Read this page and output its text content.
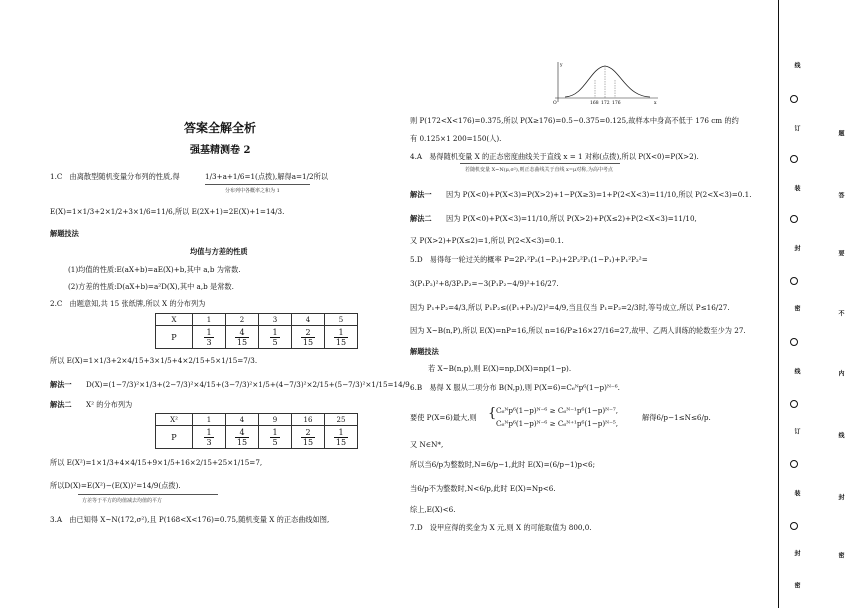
答案全解全析
强基精测卷 2
1.C　由离散型随机变量分布列的性质,得	1/3+a+1/6=1(点拨),解得a=1/2所以
分布列中各概率之和为 1
E(X)=1×1/3+2×1/2+3×1/6=11/6,所以 E(2X+1)=2E(X)+1=14/3.
解题技法
均值与方差的性质
(1)均值的性质:E(aX+b)=aE(X)+b,其中 a,b 为常数.
(2)方差的性质:D(aX+b)=a²D(X),其中 a,b 是常数.
2.C　由题意知,共 15 张纸牌,所以 X 的分布列为
X	1	2	3	4	5
P	$\frac{1}{3}$	$\frac{4}{15}$	$\frac{1}{5}$	$\frac{2}{15}$	$\frac{1}{15}$
所以 E(X)=1×1/3+2×4/15+3×1/5+4×2/15+5×1/15=7/3.
解法一 D(X)=(1−7/3)²×1/3+(2−7/3)²×4/15+(3−7/3)²×1/5+(4−7/3)²×2/15+(5−7/3)²×1/15=14/9.
解法二 X² 的分布列为
X²	1	4	9	16	25
P	$\frac{1}{3}$	$\frac{4}{15}$	$\frac{1}{5}$	$\frac{2}{15}$	$\frac{1}{15}$
所以 E(X²)=1×1/3+4×4/15+9×1/5+16×2/15+25×1/15=7,
所以D(X)=E(X²)−(E(X))²=14/9(点拨).
方差等于平方的均值减去均值的平方
3.A　由已知得 X~N(172,σ²),且 P(168<X<176)=0.75,随机变量 X 的正态曲线如图,
O	168 172 176	x
y
则 P(172<X<176)=0.375,所以 P(X≥176)=0.5−0.375=0.125,故样本中身高不低于 176 cm 的约
有 0.125×1 200=150(人).
4.A　易得随机变量 X 的正态密度曲线关于直线 x = 1 对称(点拨),所以 P(X<0)=P(X>2).
若随机变量 X~N(μ,σ²),则正态曲线关于直线 x=μ对称,为高中考点
解法一 因为 P(X<0)+P(X<3)=P(X>2)+1−P(X≥3)=1+P(2<X<3)=11/10,所以 P(2<X<3)=0.1.
解法二 因为 P(X<0)+P(X<3)=11/10,所以 P(X>2)+P(X≤2)+P(2<X<3)=11/10,
又 P(X>2)+P(X≤2)=1,所以 P(2<X<3)=0.1.
5.D　易得每一轮过关的概率 P=2P₁²P₂(1−P₂)+2P₂²P₁(1−P₁)+P₁²P₂²=
3(P₁P₂)²+8/3P₁P₂=−3(P₁P₂−4/9)²+16/27.
因为 P₁+P₂=4/3,所以 P₁P₂≤((P₁+P₂)/2)²=4/9,当且仅当 P₁=P₂=2/3时,等号成立,所以 P≤16/27.
因为 X~B(n,P),所以 E(X)=nP=16,所以 n=16/P≥16×27/16=27,故甲、乙两人训练的轮数至少为 27.
解题技法
若 X~B(n,p),则 E(X)=np,D(X)=np(1−p).
6.B　易得 X 服从二项分布 B(N,p),则 P(X=6)=C₆ᴺp⁶(1−p)ᴺ⁻⁶.
要使 P(X=6)最大,则 { C₆ᴺp⁶(1−p)ᴺ⁻⁶ ≥ C₆ᴺ⁻¹p⁶(1−p)ᴺ⁻⁷,
C₆ᴺp⁶(1−p)ᴺ⁻⁶ ≥ C₆ᴺ⁺¹p⁶(1−p)ᴺ⁻⁵,
解得6/p−1≤N≤6/p.
又 N∈N*,
所以当6/p为整数时,N=6/p−1,此时 E(X)=(6/p−1)p<6;
当6/p不为整数时,N<6/p,此时 E(X)=Np<6.
综上,E(X)<6.
7.D　设甲应得的奖金为 X 元,则 X 的可能取值为 800,0.
线
订
装
封
密
线
订
装
封
密
题
答
要
不
内
线
封
密
